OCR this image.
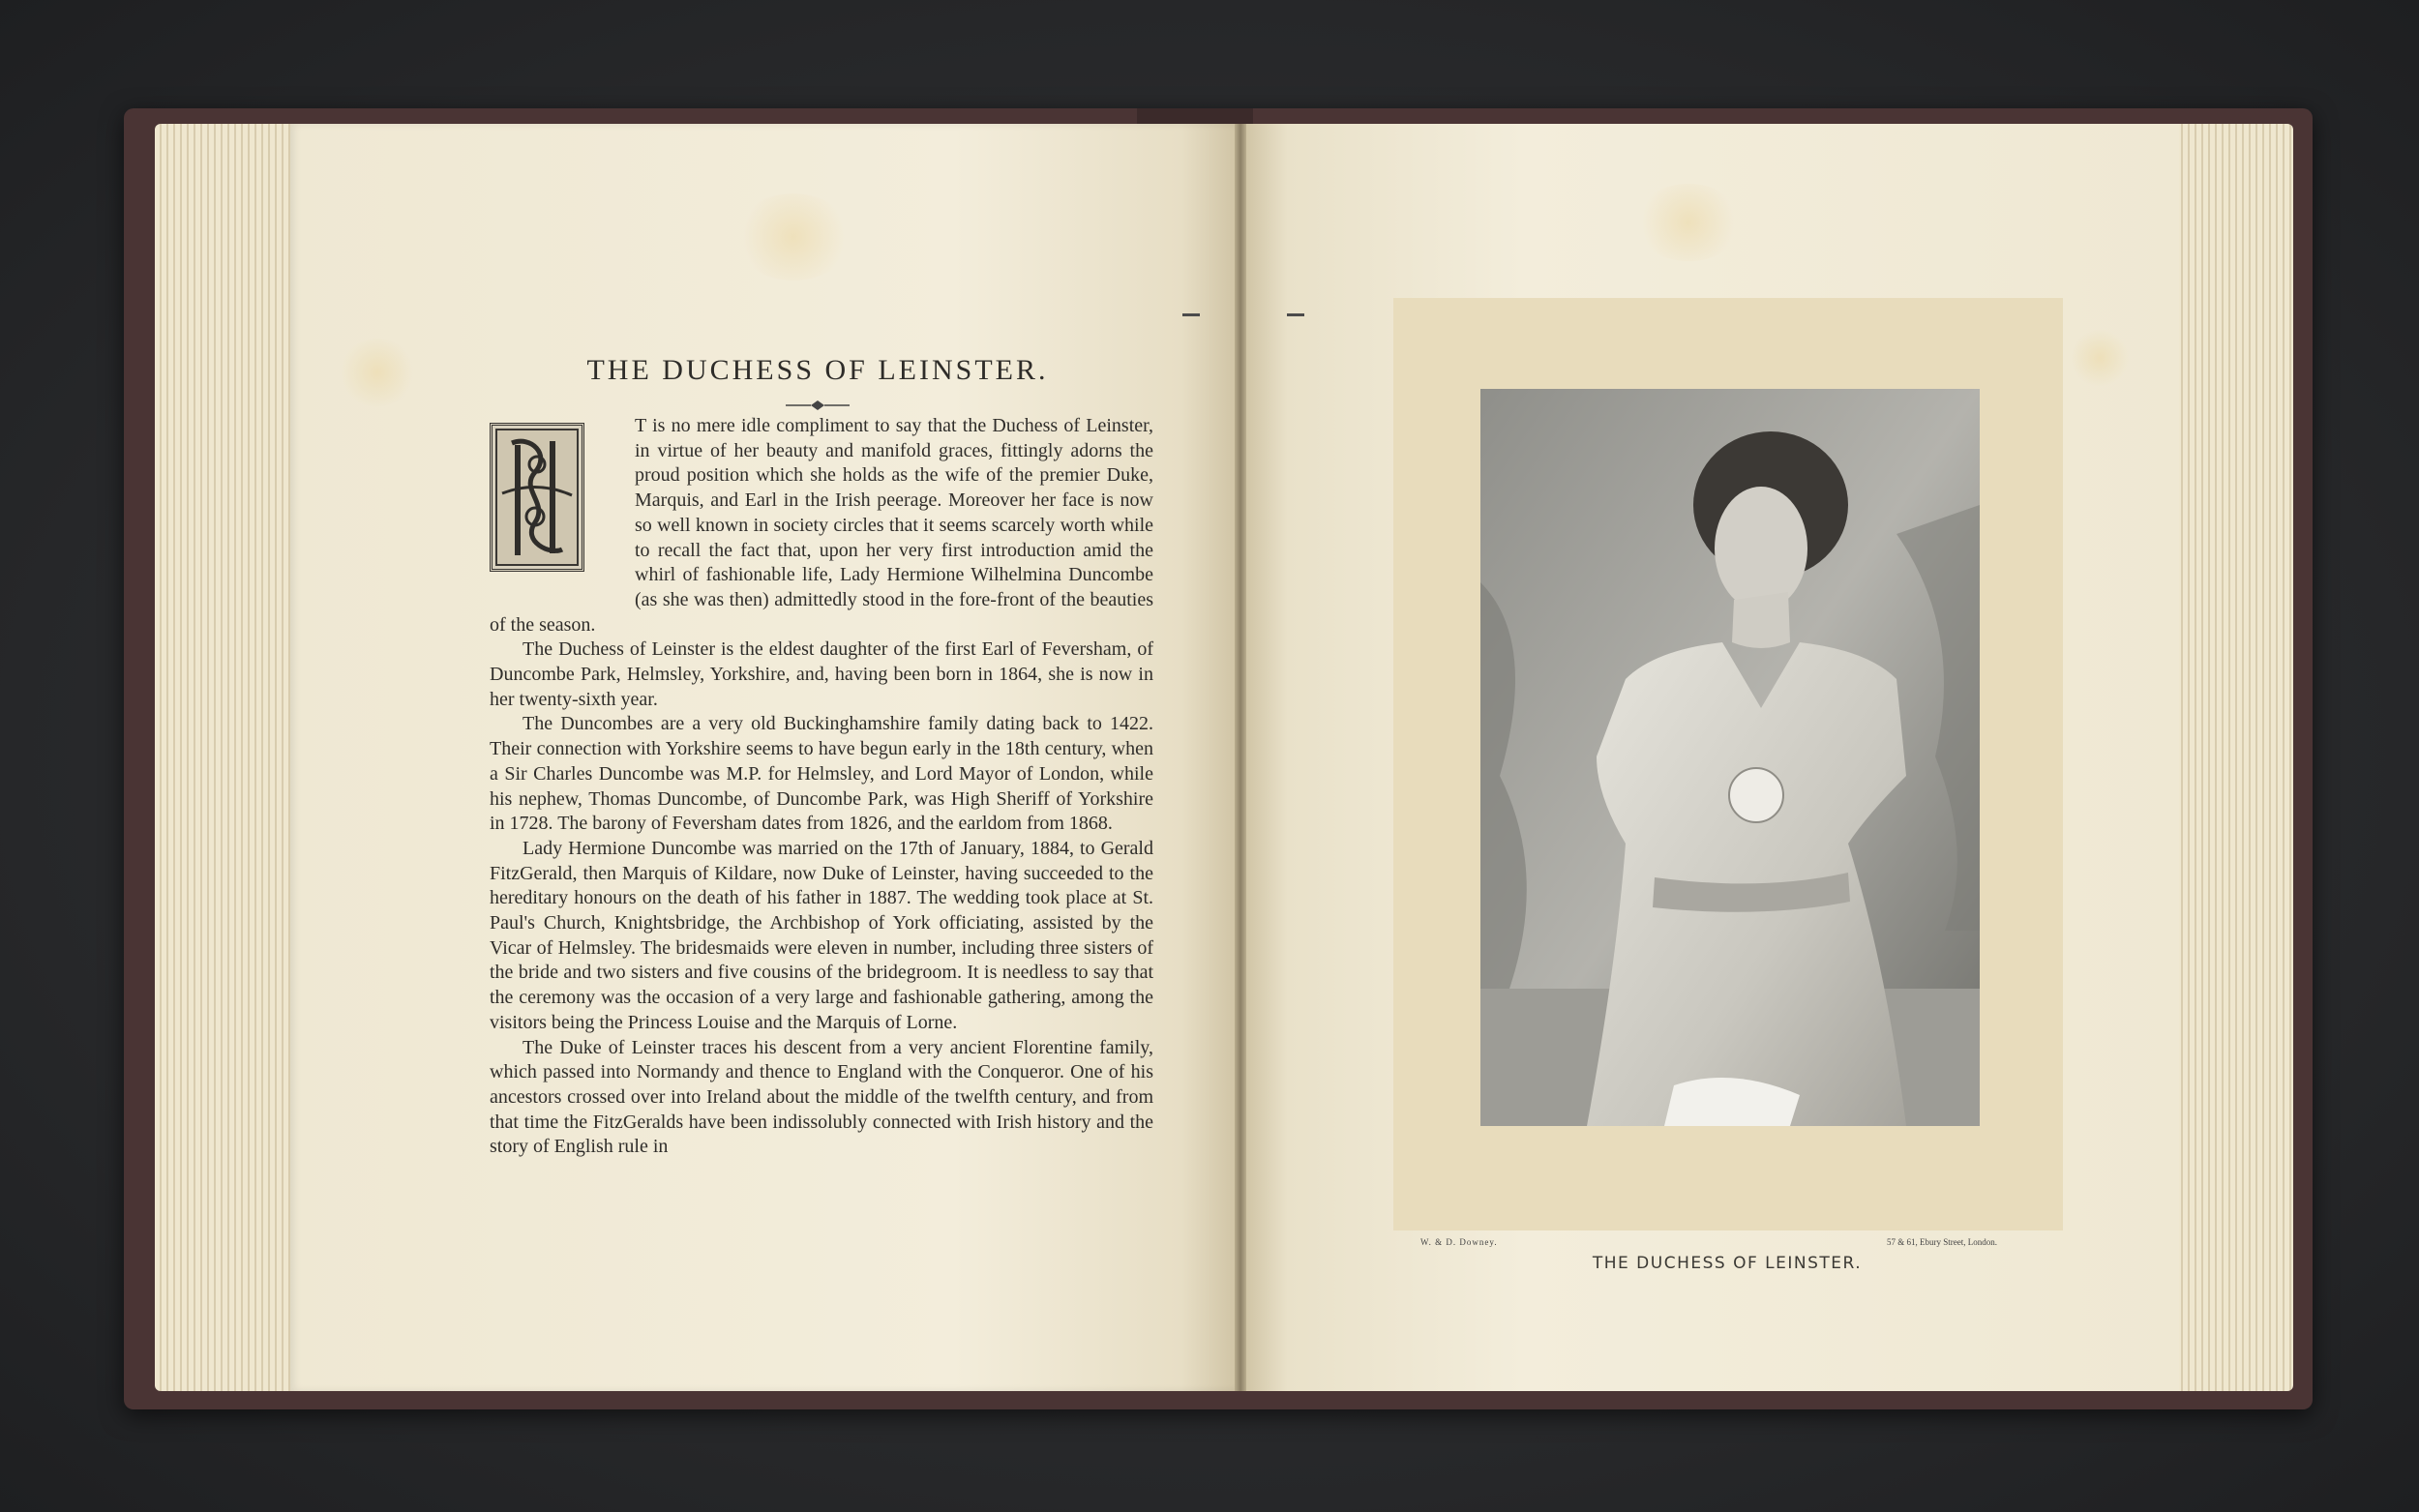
THE DUCHESS OF LEINSTER.

T is no mere idle compliment to say that the Duchess of Leinster, in virtue of her beauty and manifold graces, fittingly adorns the proud position which she holds as the wife of the premier Duke, Marquis, and Earl in the Irish peerage. Moreover her face is now so well known in society circles that it seems scarcely worth while to recall the fact that, upon her very first introduction amid the whirl of fashionable life, Lady Hermione Wilhelmina Duncombe (as she was then) admittedly stood in the fore-front of the beauties of the season.

The Duchess of Leinster is the eldest daughter of the first Earl of Feversham, of Duncombe Park, Helmsley, Yorkshire, and, having been born in 1864, she is now in her twenty-sixth year.

The Duncombes are a very old Buckinghamshire family dating back to 1422. Their connection with Yorkshire seems to have begun early in the 18th century, when a Sir Charles Duncombe was M.P. for Helmsley, and Lord Mayor of London, while his nephew, Thomas Duncombe, of Duncombe Park, was High Sheriff of Yorkshire in 1728. The barony of Feversham dates from 1826, and the earldom from 1868.

Lady Hermione Duncombe was married on the 17th of January, 1884, to Gerald FitzGerald, then Marquis of Kildare, now Duke of Leinster, having succeeded to the hereditary honours on the death of his father in 1887. The wedding took place at St. Paul's Church, Knightsbridge, the Archbishop of York officiating, assisted by the Vicar of Helmsley. The bridesmaids were eleven in number, including three sisters of the bride and two sisters and five cousins of the bridegroom. It is needless to say that the ceremony was the occasion of a very large and fashionable gathering, among the visitors being the Princess Louise and the Marquis of Lorne.

The Duke of Leinster traces his descent from a very ancient Florentine family, which passed into Normandy and thence to England with the Conqueror. One of his ancestors crossed over into Ireland about the middle of the twelfth century, and from that time the FitzGeralds have been indissolubly connected with Irish history and the story of English rule in

W. & D. Downey.	57 & 61, Ebury Street, London.
THE DUCHESS OF LEINSTER.
